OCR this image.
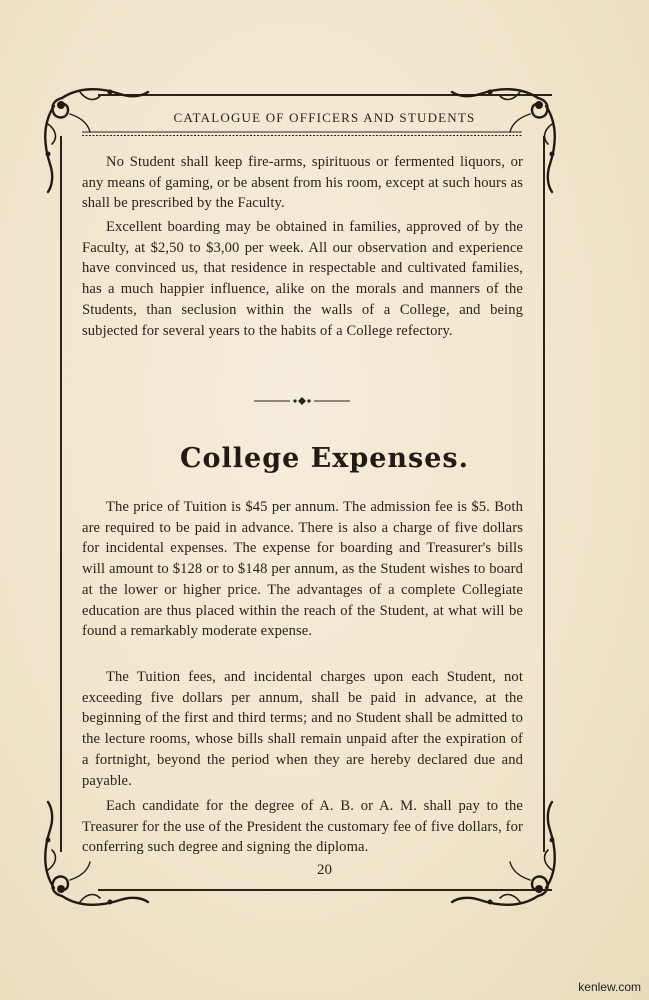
CATALOGUE OF OFFICERS AND STUDENTS

No Student shall keep fire-arms, spirituous or fermented liquors, or any means of gaming, or be absent from his room, except at such hours as shall be prescribed by the Faculty.

Excellent boarding may be obtained in families, approved of by the Faculty, at $2,50 to $3,00 per week. All our observation and experience have convinced us, that residence in respectable and cultivated families, has a much happier influence, alike on the morals and manners of the Students, than seclusion within the walls of a College, and being subjected for several years to the habits of a College refectory.

College Expenses.

The price of Tuition is $45 per annum. The admission fee is $5. Both are required to be paid in advance. There is also a charge of five dollars for incidental expenses. The expense for boarding and Treasurer's bills will amount to $128 or to $148 per annum, as the Student wishes to board at the lower or higher price. The advantages of a complete Collegiate education are thus placed within the reach of the Student, at what will be found a remarkably moderate expense.

The Tuition fees, and incidental charges upon each Student, not exceeding five dollars per annum, shall be paid in advance, at the beginning of the first and third terms; and no Student shall be admitted to the lecture rooms, whose bills shall remain unpaid after the expiration of a fortnight, beyond the period when they are hereby declared due and payable.

Each candidate for the degree of A. B. or A. M. shall pay to the Treasurer for the use of the President the customary fee of five dollars, for conferring such degree and signing the diploma.

20

kenlew.com
